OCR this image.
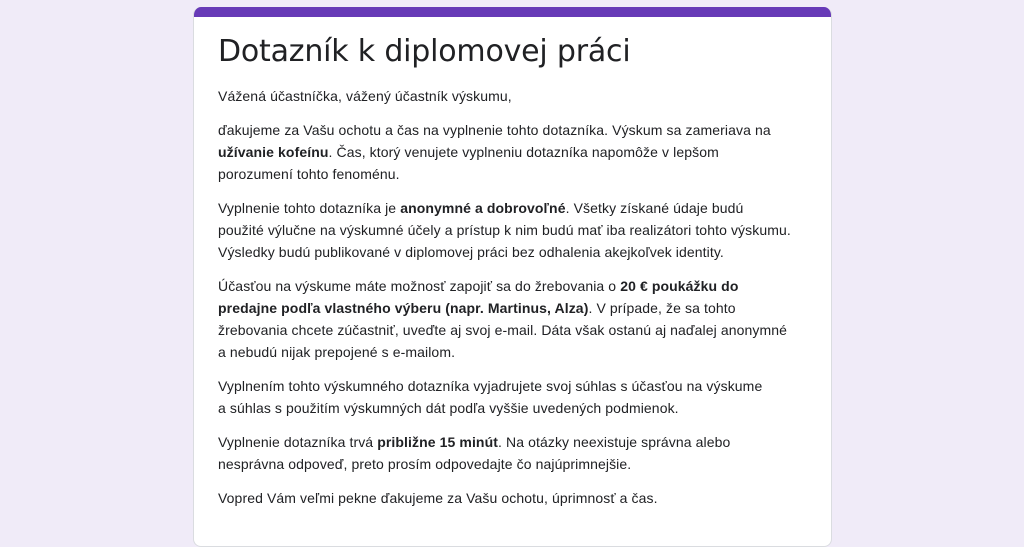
Dotazník k diplomovej práci

Vážená účastníčka, vážený účastník výskumu,

ďakujeme za Vašu ochotu a čas na vyplnenie tohto dotazníka. Výskum sa zameriava na užívanie kofeínu. Čas, ktorý venujete vyplneniu dotazníka napomôže v lepšom porozumení tohto fenoménu.

Vyplnenie tohto dotazníka je anonymné a dobrovoľné. Všetky získané údaje budú použité výlučne na výskumné účely a prístup k nim budú mať iba realizátori tohto výskumu. Výsledky budú publikované v diplomovej práci bez odhalenia akejkoľvek identity.

Účasťou na výskume máte možnosť zapojiť sa do žrebovania o 20 € poukážku do predajne podľa vlastného výberu (napr. Martinus, Alza). V prípade, že sa tohto žrebovania chcete zúčastniť, uveďte aj svoj e-mail. Dáta však ostanú aj naďalej anonymné a nebudú nijak prepojené s e-mailom.

Vyplnením tohto výskumného dotazníka vyjadrujete svoj súhlas s účasťou na výskume
a súhlas s použitím výskumných dát podľa vyššie uvedených podmienok.

Vyplnenie dotazníka trvá približne 15 minút. Na otázky neexistuje správna alebo nesprávna odpoveď, preto prosím odpovedajte čo najúprimnejšie.

Vopred Vám veľmi pekne ďakujeme za Vašu ochotu, úprimnosť a čas.
